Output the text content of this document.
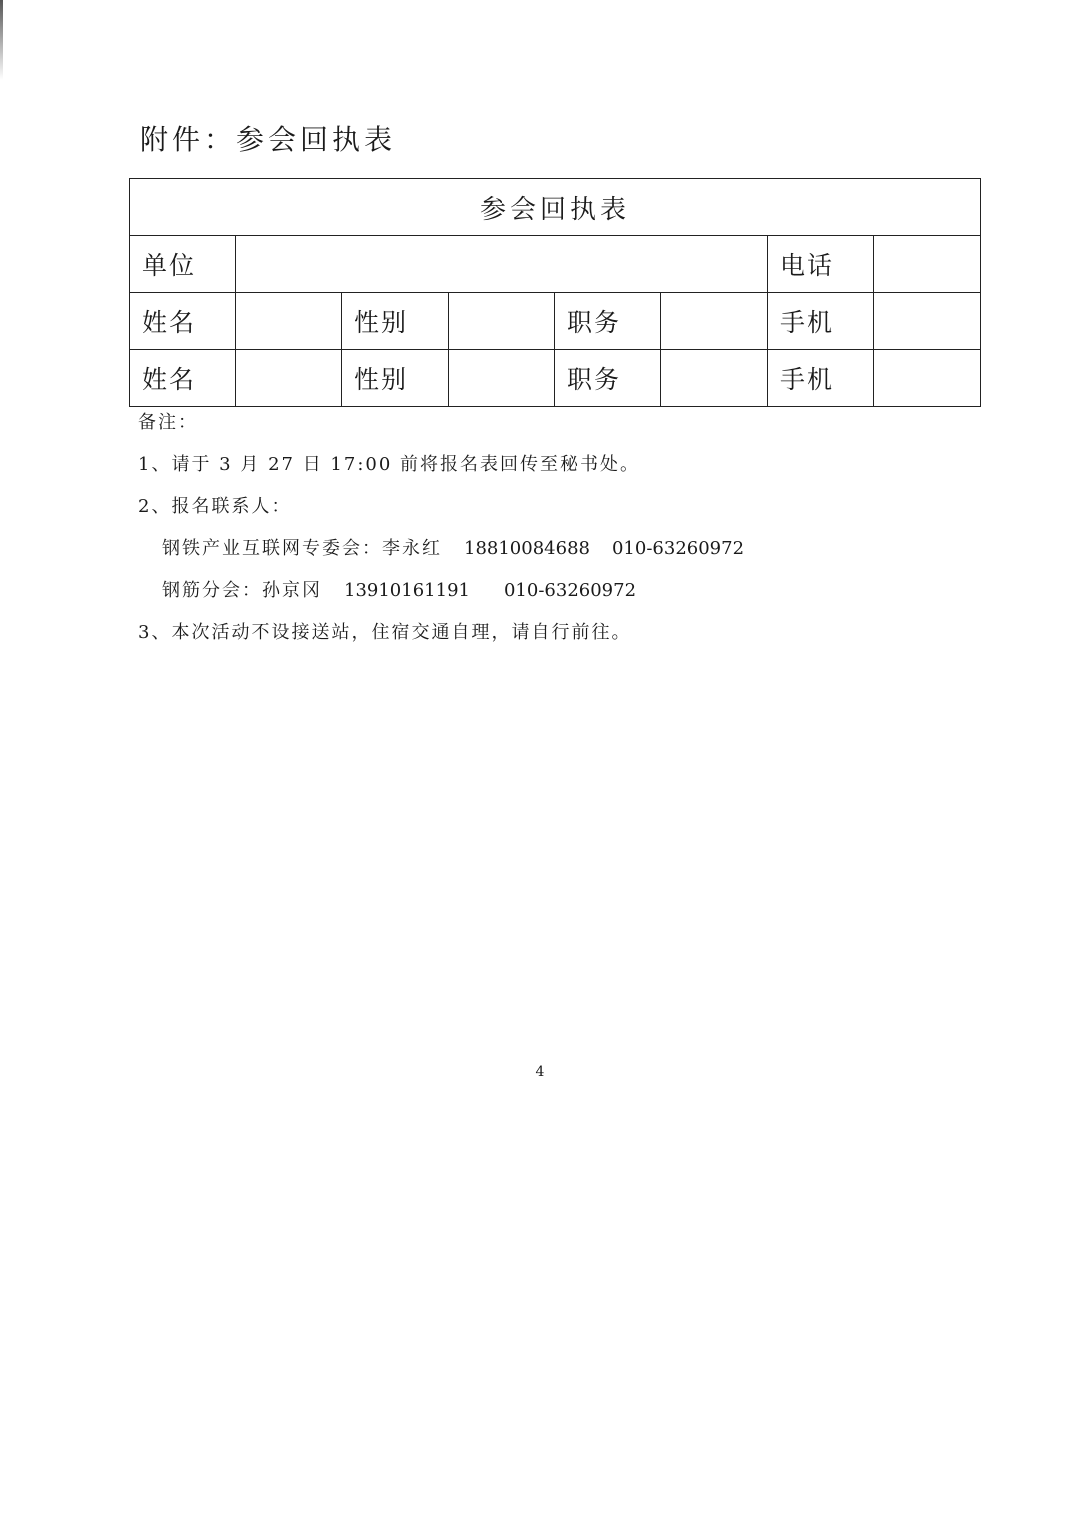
附件：参会回执表
参会回执表							
单位						电话	
姓名		性别		职务		手机	
姓名		性别		职务		手机	
备注：
1、请于 3 月 27 日 17:00 前将报名表回传至秘书处。
2、报名联系人：
钢铁产业互联网专委会：李永红 18810084688 010-63260972
钢筋分会：孙京冈 13910161191 010-63260972
3、本次活动不设接送站，住宿交通自理，请自行前往。
4
